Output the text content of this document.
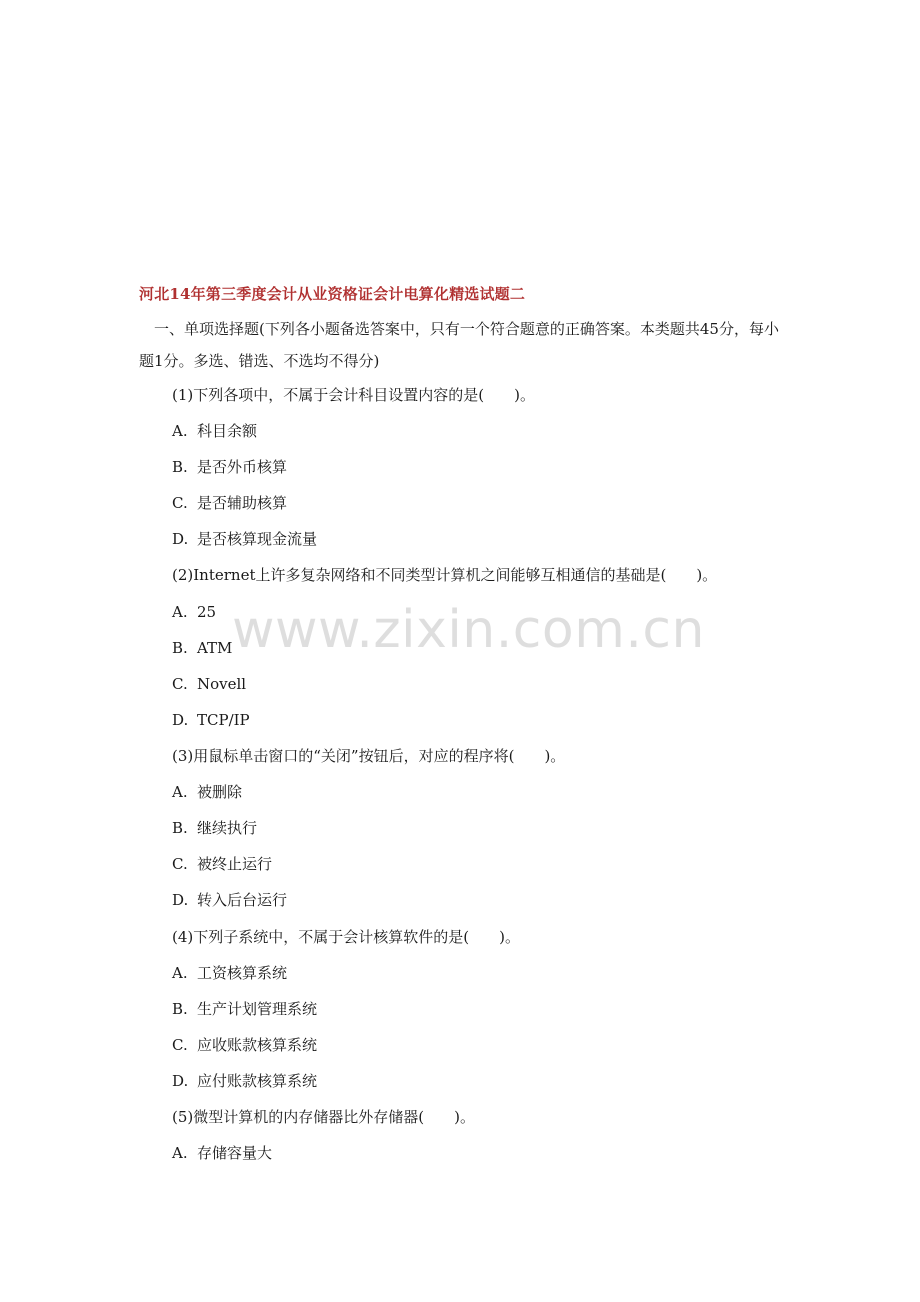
河北14年第三季度会计从业资格证会计电算化精选试题二
一、单项选择题(下列各小题备选答案中，只有一个符合题意的正确答案。本类题共45分，每小题1分。多选、错选、不选均不得分)
(1)下列各项中，不属于会计科目设置内容的是(　　)。
A. 科目余额
B. 是否外币核算
C. 是否辅助核算
D. 是否核算现金流量
(2)Internet上许多复杂网络和不同类型计算机之间能够互相通信的基础是(　　)。
A. 25
B. ATM
C. Novell
D. TCP/IP
(3)用鼠标单击窗口的“关闭”按钮后，对应的程序将(　　)。
A. 被删除
B. 继续执行
C. 被终止运行
D. 转入后台运行
(4)下列子系统中，不属于会计核算软件的是(　　)。
A. 工资核算系统
B. 生产计划管理系统
C. 应收账款核算系统
D. 应付账款核算系统
(5)微型计算机的内存储器比外存储器(　　)。
A. 存储容量大
www.zixin.com.cn
